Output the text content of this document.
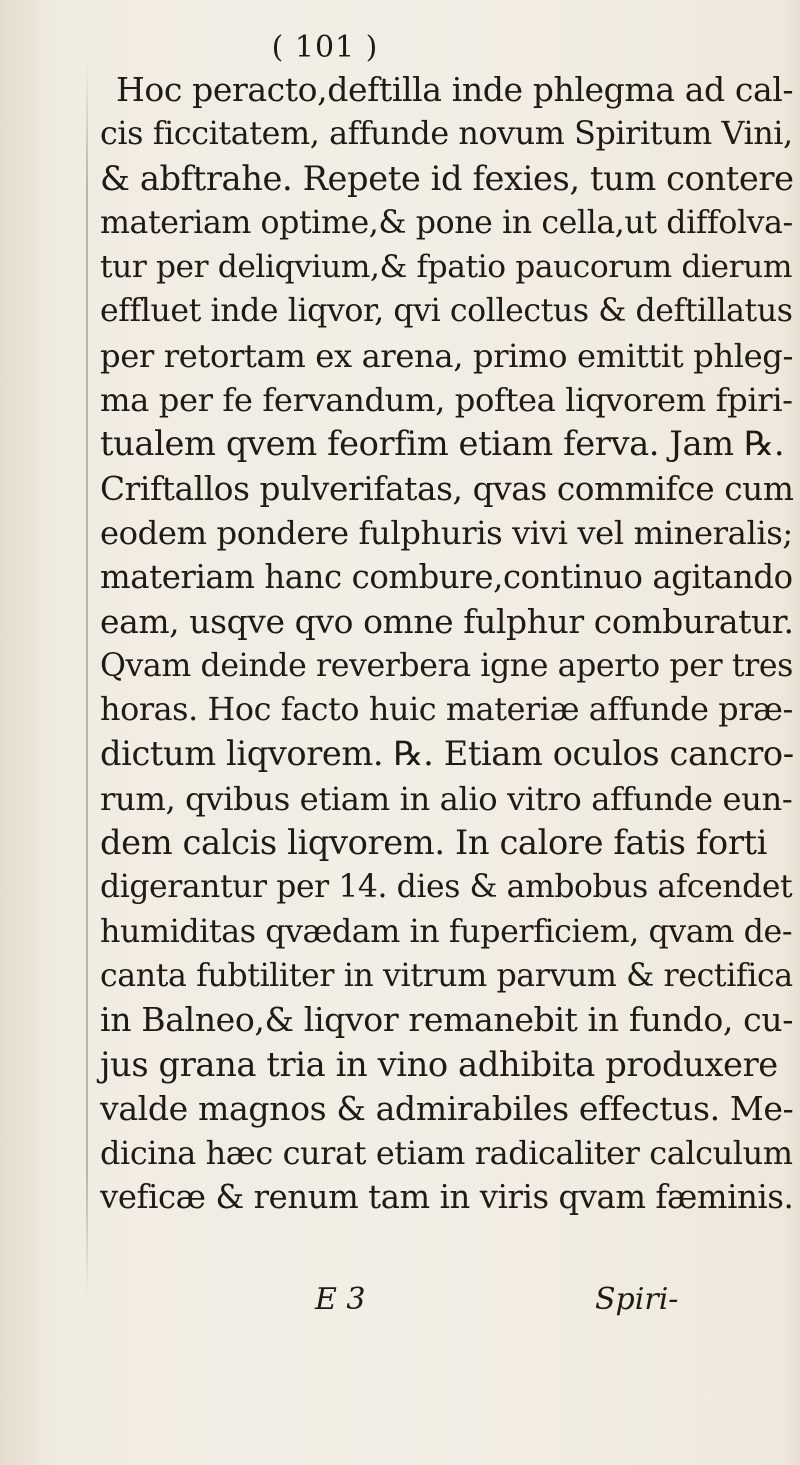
( 101 )
Hoc peracto,deftilla inde phlegma ad cal-
cis ficcitatem, affunde novum Spiritum Vini,
& abftrahe. Repete id fexies, tum contere
materiam optime,& pone in cella,ut diffolva-
tur per deliqvium,& fpatio paucorum dierum
effluet inde liqvor, qvi collectus & deftillatus
per retortam ex arena, primo emittit phleg-
ma per fe fervandum, poftea liqvorem fpiri-
tualem qvem feorfim etiam ferva. Jam ℞.
Criftallos pulverifatas, qvas commifce cum
eodem pondere fulphuris vivi vel mineralis;
materiam hanc combure,continuo agitando
eam, usqve qvo omne fulphur comburatur.
Qvam deinde reverbera igne aperto per tres
horas. Hoc facto huic materiæ affunde præ-
dictum liqvorem. ℞. Etiam oculos cancro-
rum, qvibus etiam in alio vitro affunde eun-
dem calcis liqvorem. In calore fatis forti
digerantur per 14. dies & ambobus afcendet
humiditas qvædam in fuperficiem, qvam de-
canta fubtiliter in vitrum parvum & rectifica
in Balneo,& liqvor remanebit in fundo, cu-
jus grana tria in vino adhibita produxere
valde magnos & admirabiles effectus. Me-
dicina hæc curat etiam radicaliter calculum
veficæ & renum tam in viris qvam fæminis.
E 3	Spiri-
